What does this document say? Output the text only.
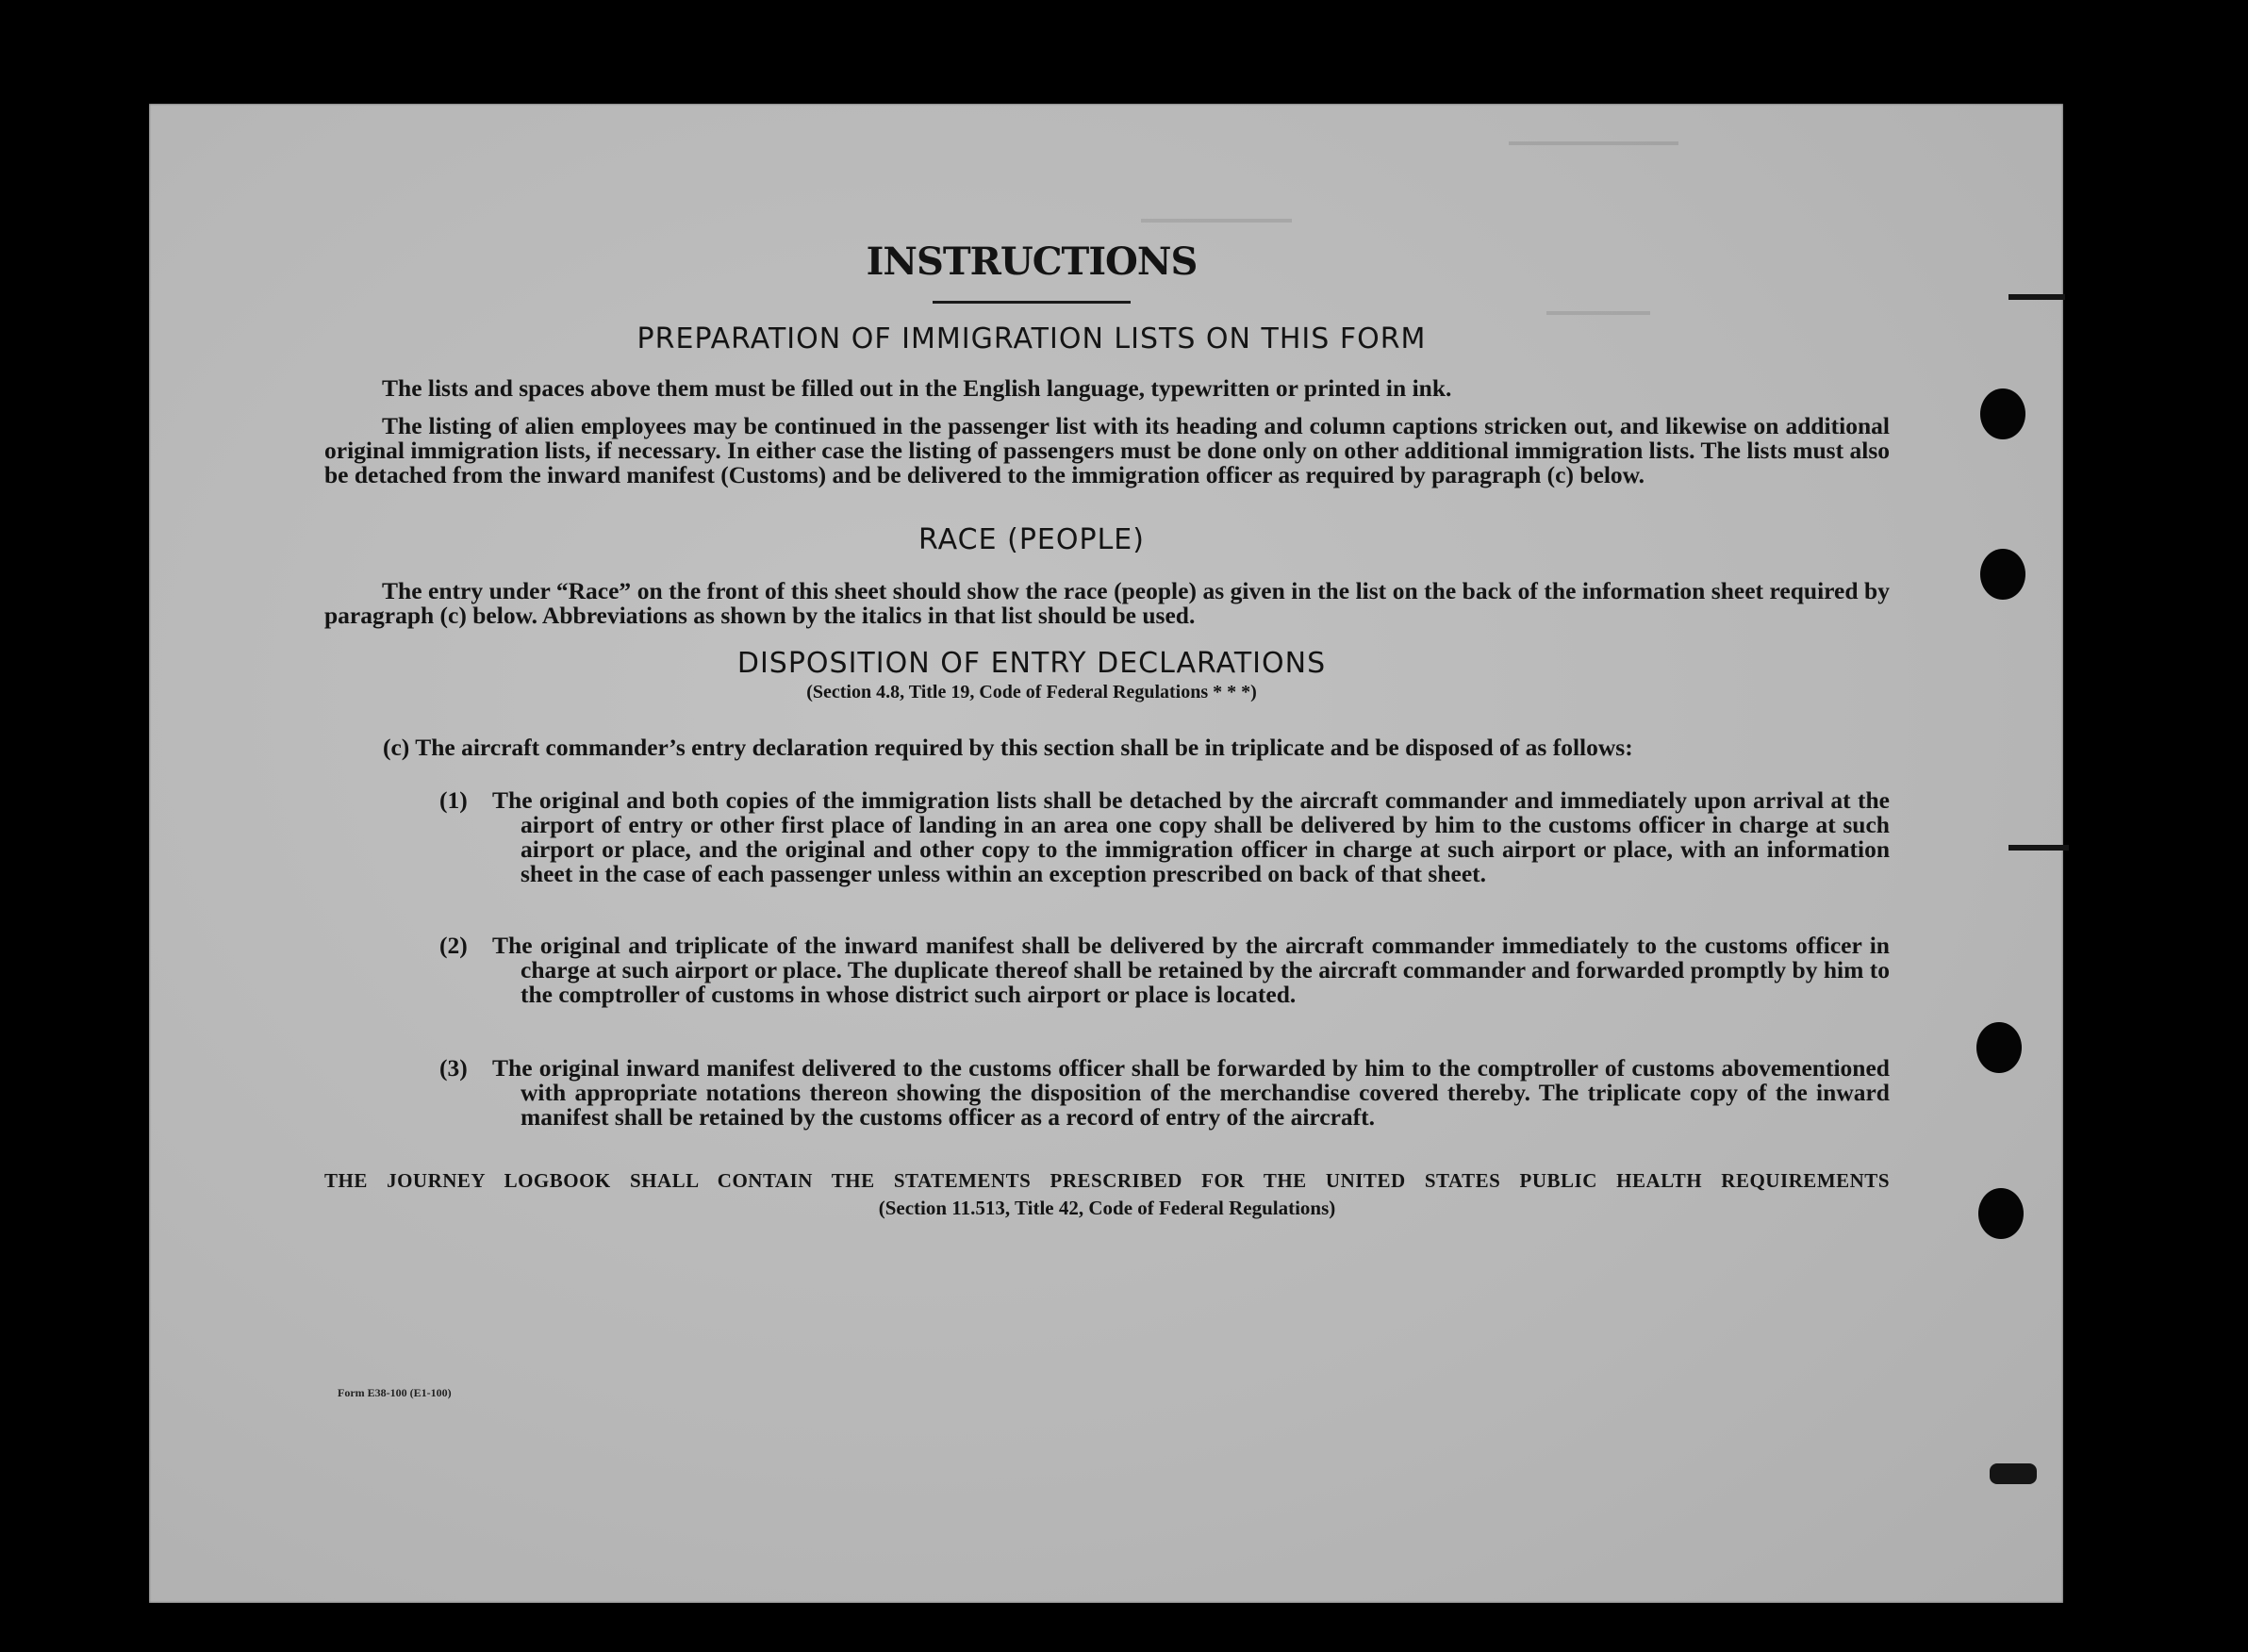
INSTRUCTIONS
PREPARATION OF IMMIGRATION LISTS ON THIS FORM

The lists and spaces above them must be filled out in the English language, typewritten or printed in ink.

The listing of alien employees may be continued in the passenger list with its heading and column captions stricken out, and likewise on additional original immigration lists, if necessary. In either case the listing of passengers must be done only on other additional immigration lists. The lists must also be detached from the inward manifest (Customs) and be delivered to the immigration officer as required by paragraph (c) below.

RACE (PEOPLE)

The entry under “Race” on the front of this sheet should show the race (people) as given in the list on the back of the information sheet required by paragraph (c) below. Abbreviations as shown by the italics in that list should be used.

DISPOSITION OF ENTRY DECLARATIONS
(Section 4.8, Title 19, Code of Federal Regulations * * *)

(c) The aircraft commander’s entry declaration required by this section shall be in triplicate and be disposed of as follows:

(1)	The original and both copies of the immigration lists shall be detached by the aircraft commander and immediately upon arrival at the airport of entry or other first place of landing in an area one copy shall be delivered by him to the customs officer in charge at such airport or place, and the original and other copy to the immigration officer in charge at such airport or place, with an information sheet in the case of each passenger unless within an exception prescribed on back of that sheet.
(2)	The original and triplicate of the inward manifest shall be delivered by the aircraft commander immediately to the customs officer in charge at such airport or place. The duplicate thereof shall be retained by the aircraft commander and forwarded promptly by him to the comptroller of customs in whose district such airport or place is located.
(3)	The original inward manifest delivered to the customs officer shall be forwarded by him to the comptroller of customs abovementioned with appropriate notations thereon showing the disposition of the merchandise covered thereby. The triplicate copy of the inward manifest shall be retained by the customs officer as a record of entry of the aircraft.
THE JOURNEY LOGBOOK SHALL CONTAIN THE STATEMENTS PRESCRIBED FOR THE UNITED STATES PUBLIC HEALTH REQUIREMENTS
(Section 11.513, Title 42, Code of Federal Regulations)
Form E38-100 (E1-100)
